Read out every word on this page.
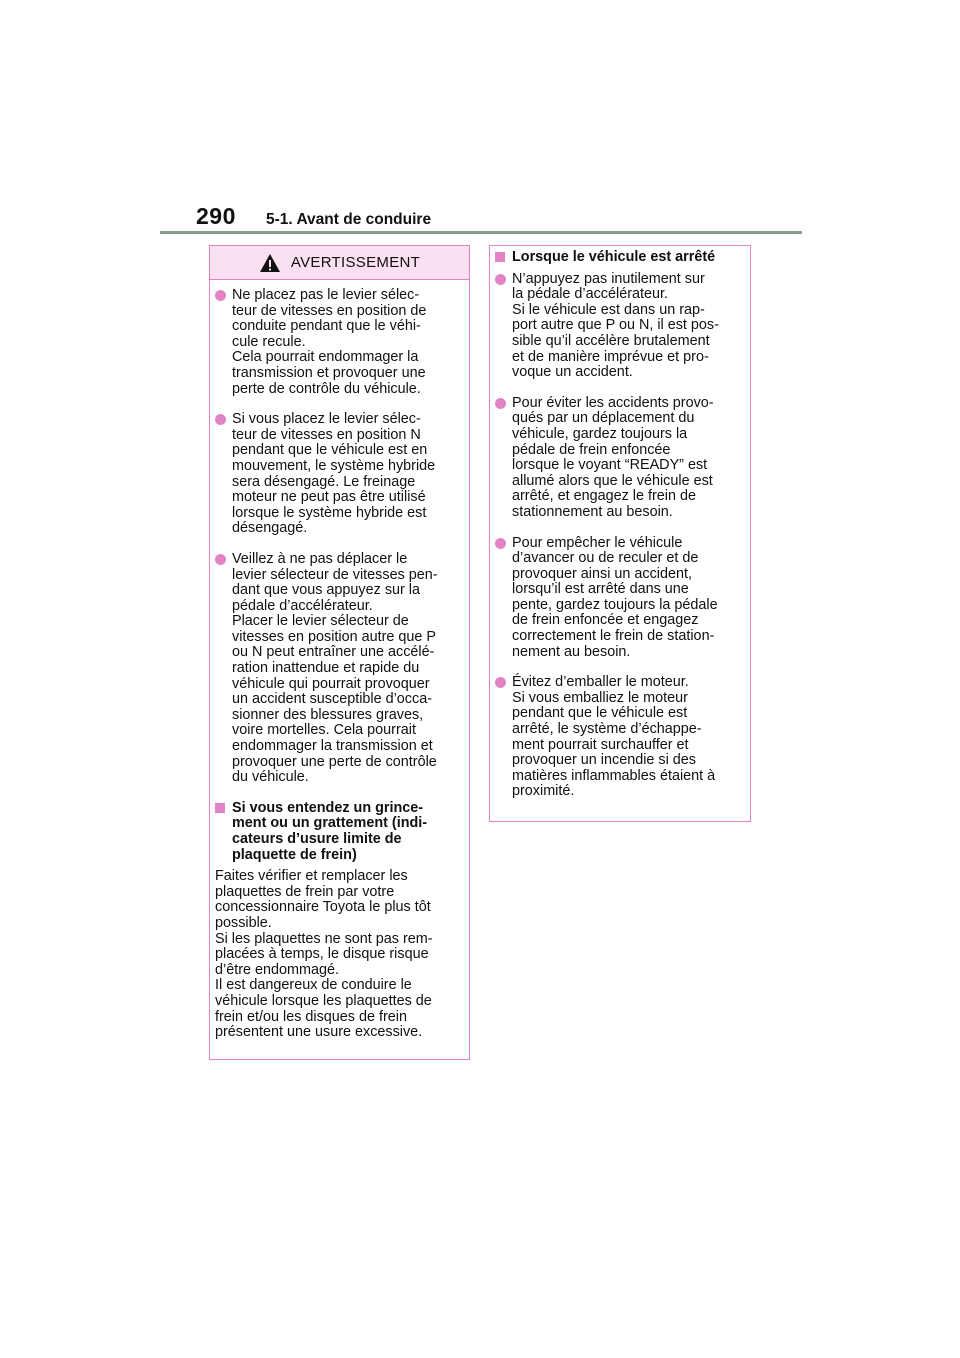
290	5-1. Avant de conduire
AVERTISSEMENT
Ne placez pas le levier sélec-
teur de vitesses en position de
conduite pendant que le véhi-
cule recule.
Cela pourrait endommager la
transmission et provoquer une
perte de contrôle du véhicule.
Si vous placez le levier sélec-
teur de vitesses en position N
pendant que le véhicule est en
mouvement, le système hybride
sera désengagé. Le freinage
moteur ne peut pas être utilisé
lorsque le système hybride est
désengagé.
Veillez à ne pas déplacer le
levier sélecteur de vitesses pen-
dant que vous appuyez sur la
pédale d’accélérateur.
Placer le levier sélecteur de
vitesses en position autre que P
ou N peut entraîner une accélé-
ration inattendue et rapide du
véhicule qui pourrait provoquer
un accident susceptible d’occa-
sionner des blessures graves,
voire mortelles. Cela pourrait
endommager la transmission et
provoquer une perte de contrôle
du véhicule.
Si vous entendez un grince-
ment ou un grattement (indi-
cateurs d’usure limite de
plaquette de frein)
Faites vérifier et remplacer les
plaquettes de frein par votre
concessionnaire Toyota le plus tôt
possible.
Si les plaquettes ne sont pas rem-
placées à temps, le disque risque
d’être endommagé.
Il est dangereux de conduire le
véhicule lorsque les plaquettes de
frein et/ou les disques de frein
présentent une usure excessive.
Lorsque le véhicule est arrêté
N’appuyez pas inutilement sur
la pédale d’accélérateur.
Si le véhicule est dans un rap-
port autre que P ou N, il est pos-
sible qu’il accélère brutalement
et de manière imprévue et pro-
voque un accident.
Pour éviter les accidents provo-
qués par un déplacement du
véhicule, gardez toujours la
pédale de frein enfoncée
lorsque le voyant “READY” est
allumé alors que le véhicule est
arrêté, et engagez le frein de
stationnement au besoin.
Pour empêcher le véhicule
d’avancer ou de reculer et de
provoquer ainsi un accident,
lorsqu’il est arrêté dans une
pente, gardez toujours la pédale
de frein enfoncée et engagez
correctement le frein de station-
nement au besoin.
Évitez d’emballer le moteur.
Si vous emballiez le moteur
pendant que le véhicule est
arrêté, le système d’échappe-
ment pourrait surchauffer et
provoquer un incendie si des
matières inflammables étaient à
proximité.
